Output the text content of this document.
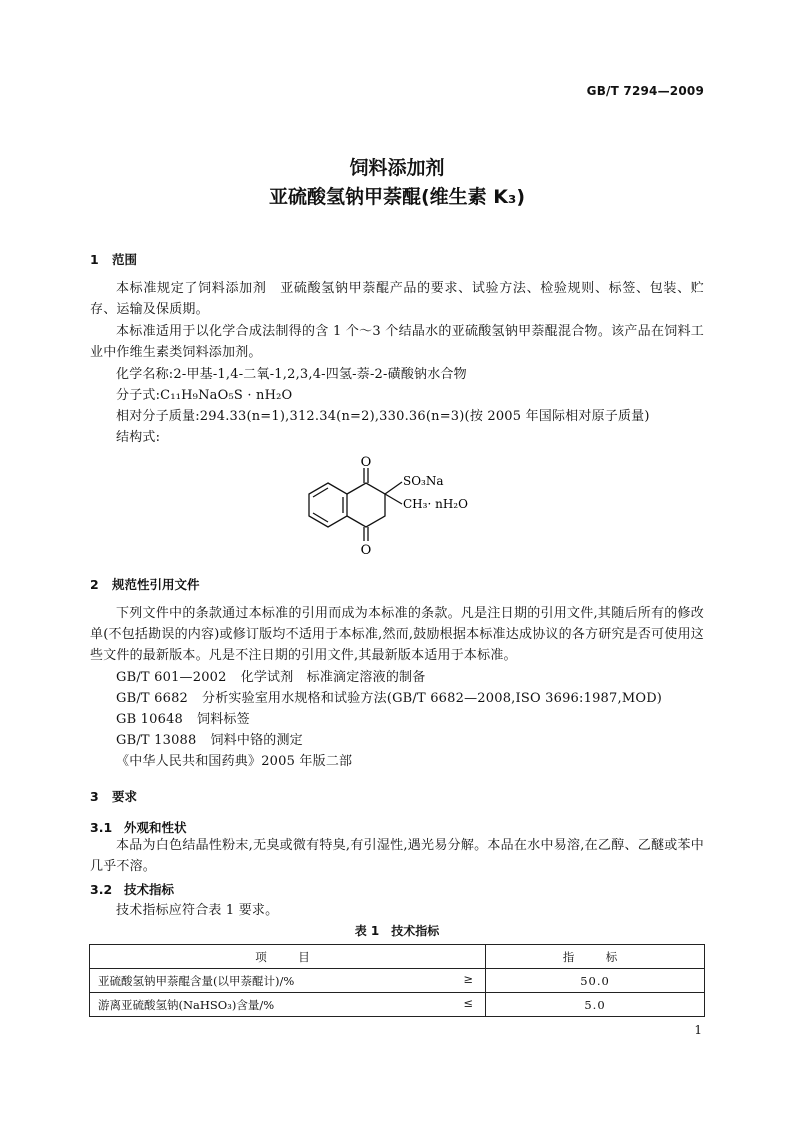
GB/T 7294—2009
饲料添加剂
亚硫酸氢钠甲萘醌(维生素 K₃)
1 范围
本标准规定了饲料添加剂　亚硫酸氢钠甲萘醌产品的要求、试验方法、检验规则、标签、包装、贮存、运输及保质期。
本标准适用于以化学合成法制得的含 1 个～3 个结晶水的亚硫酸氢钠甲萘醌混合物。该产品在饲料工业中作维生素类饲料添加剂。
化学名称:2-甲基-1,4-二氧-1,2,3,4-四氢-萘-2-磺酸钠水合物
分子式:C₁₁H₉NaO₅S · nH₂O
相对分子质量:294.33(n=1),312.34(n=2),330.36(n=3)(按 2005 年国际相对原子质量)
结构式:
O
O
SO₃Na
CH₃· nH₂O
2 规范性引用文件
下列文件中的条款通过本标准的引用而成为本标准的条款。凡是注日期的引用文件,其随后所有的修改单(不包括勘误的内容)或修订版均不适用于本标准,然而,鼓励根据本标准达成协议的各方研究是否可使用这些文件的最新版本。凡是不注日期的引用文件,其最新版本适用于本标准。
GB/T 601—2002 化学试剂　标准滴定溶液的制备
GB/T 6682 分析实验室用水规格和试验方法(GB/T 6682—2008,ISO 3696:1987,MOD)
GB 10648 饲料标签
GB/T 13088 饲料中铬的测定
《中华人民共和国药典》2005 年版二部
3 要求
3.1 外观和性状
本品为白色结晶性粉末,无臭或微有特臭,有引湿性,遇光易分解。本品在水中易溶,在乙醇、乙醚或苯中几乎不溶。
3.2 技术指标
技术指标应符合表 1 要求。
表 1　技术指标
项　目	指　标
亚硫酸氢钠甲萘醌含量(以甲萘醌计)/% ≥	50.0
游离亚硫酸氢钠(NaHSO₃)含量/% ≤	5.0
1
